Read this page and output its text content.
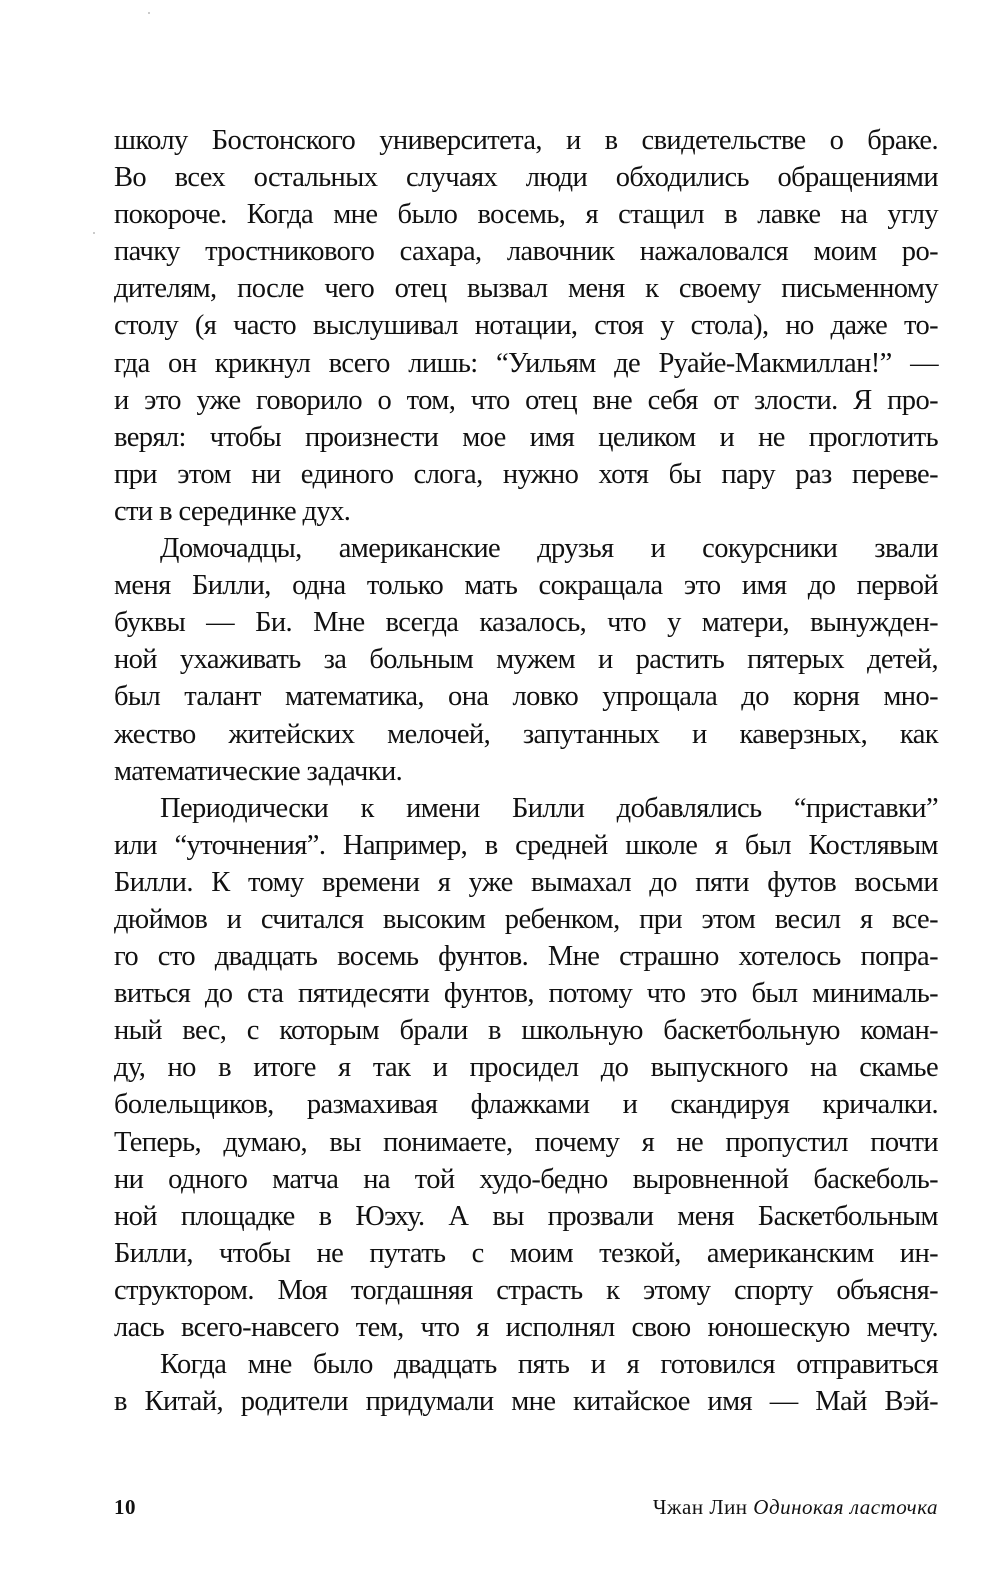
школу Бостонского университета, и в свидетельстве о браке.
Во всех остальных случаях люди обходились обращениями
покороче. Когда мне было восемь, я стащил в лавке на углу
пачку тростникового сахара, лавочник нажаловался моим ро-
дителям, после чего отец вызвал меня к своему письменному
столу (я часто выслушивал нотации, стоя у стола), но даже то-
гда он крикнул всего лишь: “Уильям де Руайе-Макмиллан!” —
и это уже говорило о том, что отец вне себя от злости. Я про-
верял: чтобы произнести мое имя целиком и не проглотить
при этом ни единого слога, нужно хотя бы пару раз переве-
сти в серединке дух.
Домочадцы, американские друзья и сокурсники звали
меня Билли, одна только мать сокращала это имя до первой
буквы — Би. Мне всегда казалось, что у матери, вынужден-
ной ухаживать за больным мужем и растить пятерых детей,
был талант математика, она ловко упрощала до корня мно-
жество житейских мелочей, запутанных и каверзных, как
математические задачки.
Периодически к имени Билли добавлялись “приставки”
или “уточнения”. Например, в средней школе я был Костлявым
Билли. К тому времени я уже вымахал до пяти футов восьми
дюймов и считался высоким ребенком, при этом весил я все-
го сто двадцать восемь фунтов. Мне страшно хотелось попра-
виться до ста пятидесяти фунтов, потому что это был минималь-
ный вес, с которым брали в школьную баскетбольную коман-
ду, но в итоге я так и просидел до выпускного на скамье
болельщиков, размахивая флажками и скандируя кричалки.
Теперь, думаю, вы понимаете, почему я не пропустил почти
ни одного матча на той худо-бедно выровненной баскеболь-
ной площадке в Юэху. А вы прозвали меня Баскетбольным
Билли, чтобы не путать с моим тезкой, американским ин-
структором. Моя тогдашняя страсть к этому спорту объясня-
лась всего-навсего тем, что я исполнял свою юношескую мечту.
Когда мне было двадцать пять и я готовился отправиться
в Китай, родители придумали мне китайское имя — Май Вэй-
10	Чжан Лин Одинокая ласточка
